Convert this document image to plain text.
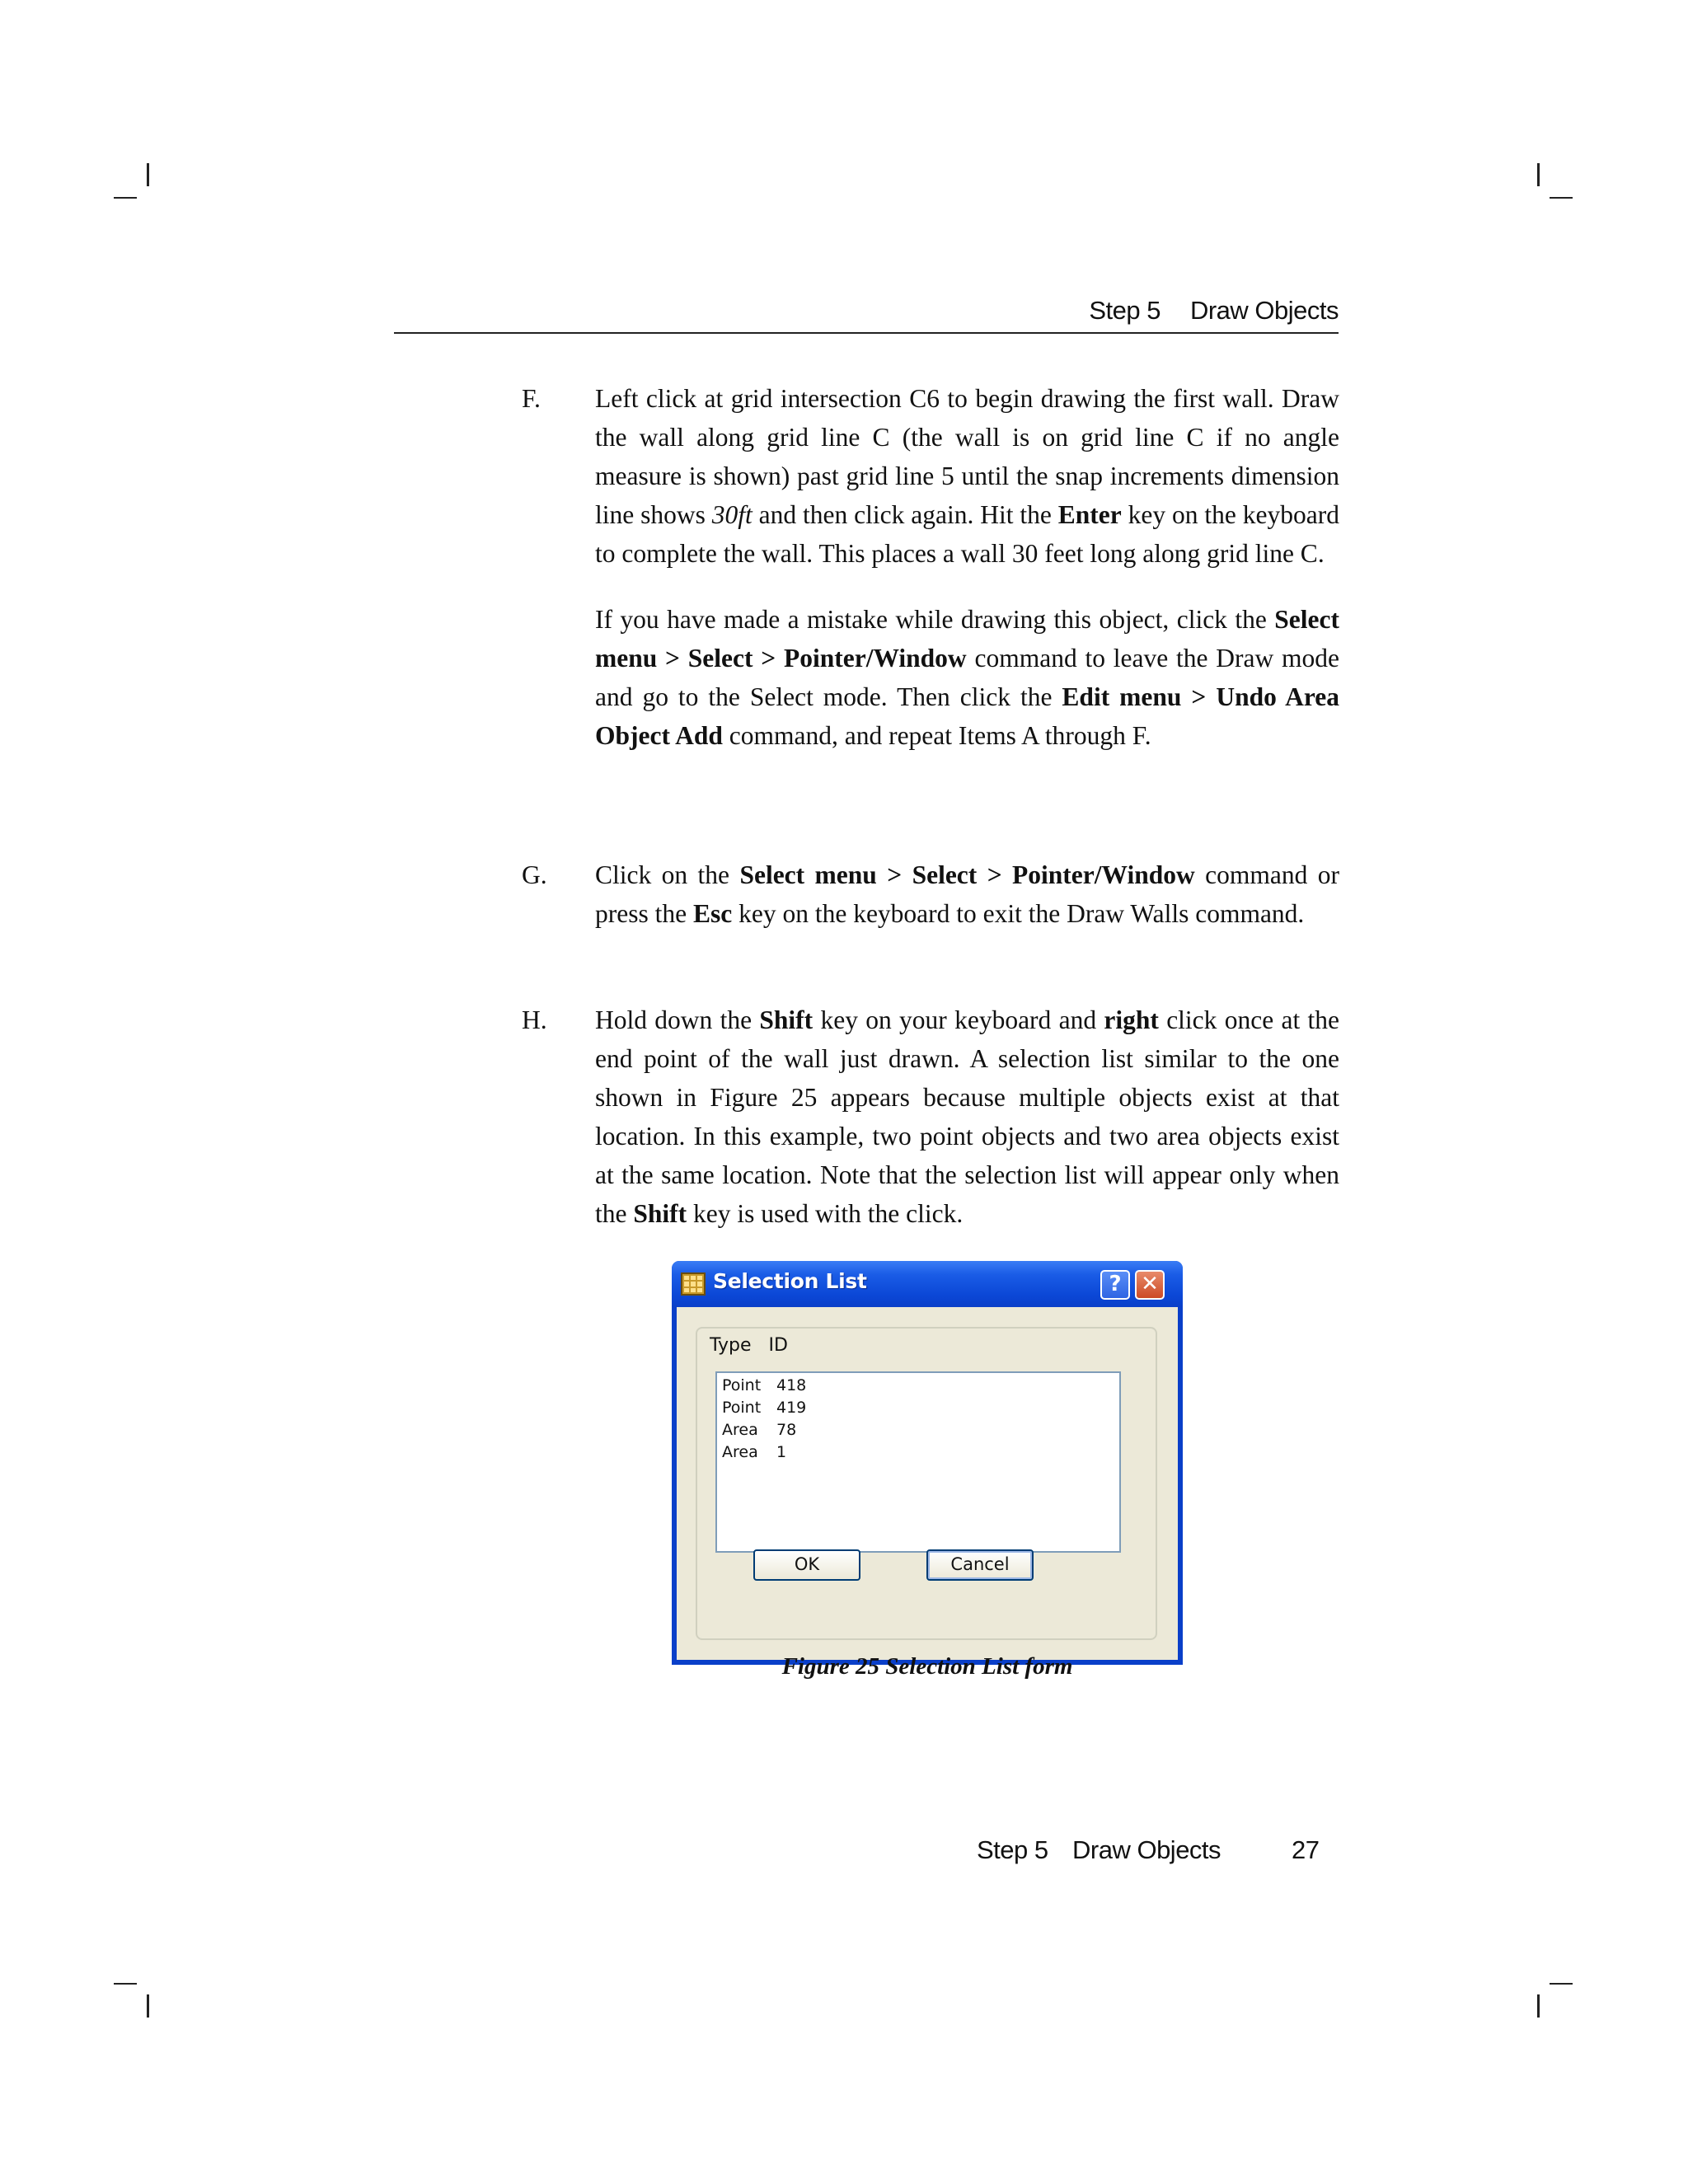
Step 5 Draw Objects
F. Left click at grid intersection C6 to begin drawing the first wall. Draw the wall along grid line C (the wall is on grid line C if no angle measure is shown) past grid line 5 until the snap increments dimension line shows 30ft and then click again. Hit the Enter key on the keyboard to complete the wall. This places a wall 30 feet long along grid line C.

If you have made a mistake while drawing this object, click the Select menu > Select > Pointer/Window command to leave the Draw mode and go to the Select mode. Then click the Edit menu > Undo Area Object Add command, and repeat Items A through F.

G. Click on the Select menu > Select > Pointer/Window command or press the Esc key on the keyboard to exit the Draw Walls command.

H. Hold down the Shift key on your keyboard and right click once at the end point of the wall just drawn. A selection list similar to the one shown in Figure 25 appears because multiple objects exist at that location. In this example, two point objects and two area objects exist at the same location. Note that the selection list will appear only when the Shift key is used with the click.

Selection List	? ✕
Type   ID
Point 418
Point 419
Area 78
Area 1
OK	Cancel
Figure 25 Selection List form
Step 5 Draw Objects	27
